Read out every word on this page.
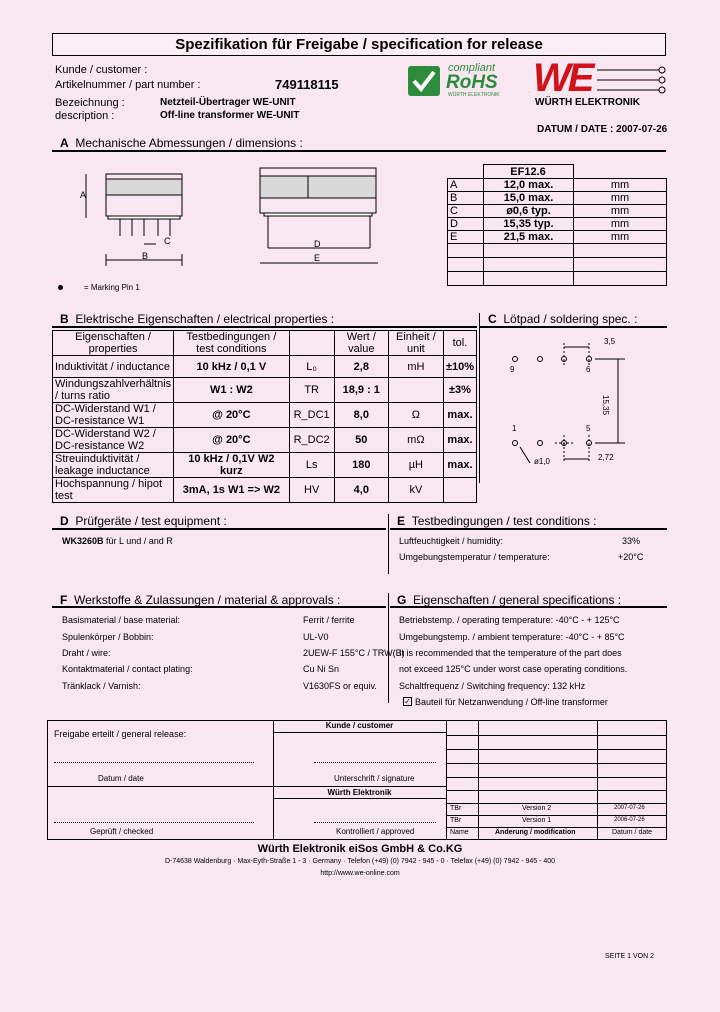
Spezifikation für Freigabe / specification for release
Kunde / customer :
Artikelnummer / part number :	749118115
Bezeichnung :	Netzteil-Übertrager WE-UNIT
description :	Off-line transformer WE-UNIT
compliant
RoHS
WÜRTH ELEKTRONIK WE
WÜRTH ELEKTRONIK
DATUM / DATE : 2007-07-26
A Mechanische Abmessungen / dimensions :
A
B
C	D
E
= Marking Pin 1
	EF12.6	
A	12,0 max.	mm
B	15,0 max.	mm
C	ø0,6 typ.	mm
D	15,35 typ.	mm
E	21,5 max.	mm

B Elektrische Eigenschaften / electrical properties :
Eigenschaften / properties	Testbedingungen / test conditions		Wert / value	Einheit / unit	tol.
Induktivität / inductance	10 kHz / 0,1 V	L₀	2,8	mH	±10%
Windungszahlverhältnis / turns ratio	W1 : W2	TR	18,9 : 1		±3%
DC-Widerstand W1 / DC-resistance W1	@ 20°C	R_DC1	8,0	Ω	max.
DC-Widerstand W2 / DC-resistance W2	@ 20°C	R_DC2	50	mΩ	max.
Streuinduktivität / leakage inductance	10 kHz / 0,1V W2 kurz	Ls	180	µH	max.
Hochspannung / hipot test	3mA, 1s W1 => W2	HV	4,0	kV	
C Lötpad / soldering spec. :
9	6
1	5
3,5
15,35
2,72
ø1,0
D Prüfgeräte / test equipment :	E Testbedingungen / test conditions :
WK3260B für L und / and R	Luftfeuchtigkeit / humidity:	33%
Umgebungstemperatur / temperature:	+20°C
F Werkstoffe & Zulassungen / material & approvals :	G Eigenschaften / general specifications :
Basismaterial / base material:	Ferrit / ferrite
Spulenkörper / Bobbin:	UL-V0
Draht / wire:	2UEW-F 155°C / TRW(B)
Kontaktmaterial / contact plating:	Cu Ni Sn
Tränklack / Varnish:	V1630FS or equiv.
Betriebstemp. / operating temperature: -40°C - + 125°C
Umgebungstemp. / ambient temperature: -40°C - + 85°C
It is recommended that the temperature of the part does
not exceed 125°C under worst case operating conditions.
Schaltfrequenz / Switching frequency: 132 kHz
✓ Bauteil für Netzanwendung / Off-line transformer
Kunde / customer
Würth Elektronik
Freigabe erteilt / general release:
Datum / date	Unterschrift / signature
Geprüft / checked	Kontrolliert / approved
TBr	Version 2	2007-07-26
TBr	Version 1	2006-07-26
Name	Änderung / modification	Datum / date
Würth Elektronik eiSos GmbH & Co.KG
D-74638 Waldenburg · Max-Eyth-Straße 1 - 3 · Germany · Telefon (+49) (0) 7942 - 945 - 0 · Telefax (+49) (0) 7942 - 945 - 400
http://www.we-online.com
SEITE 1 VON 2
